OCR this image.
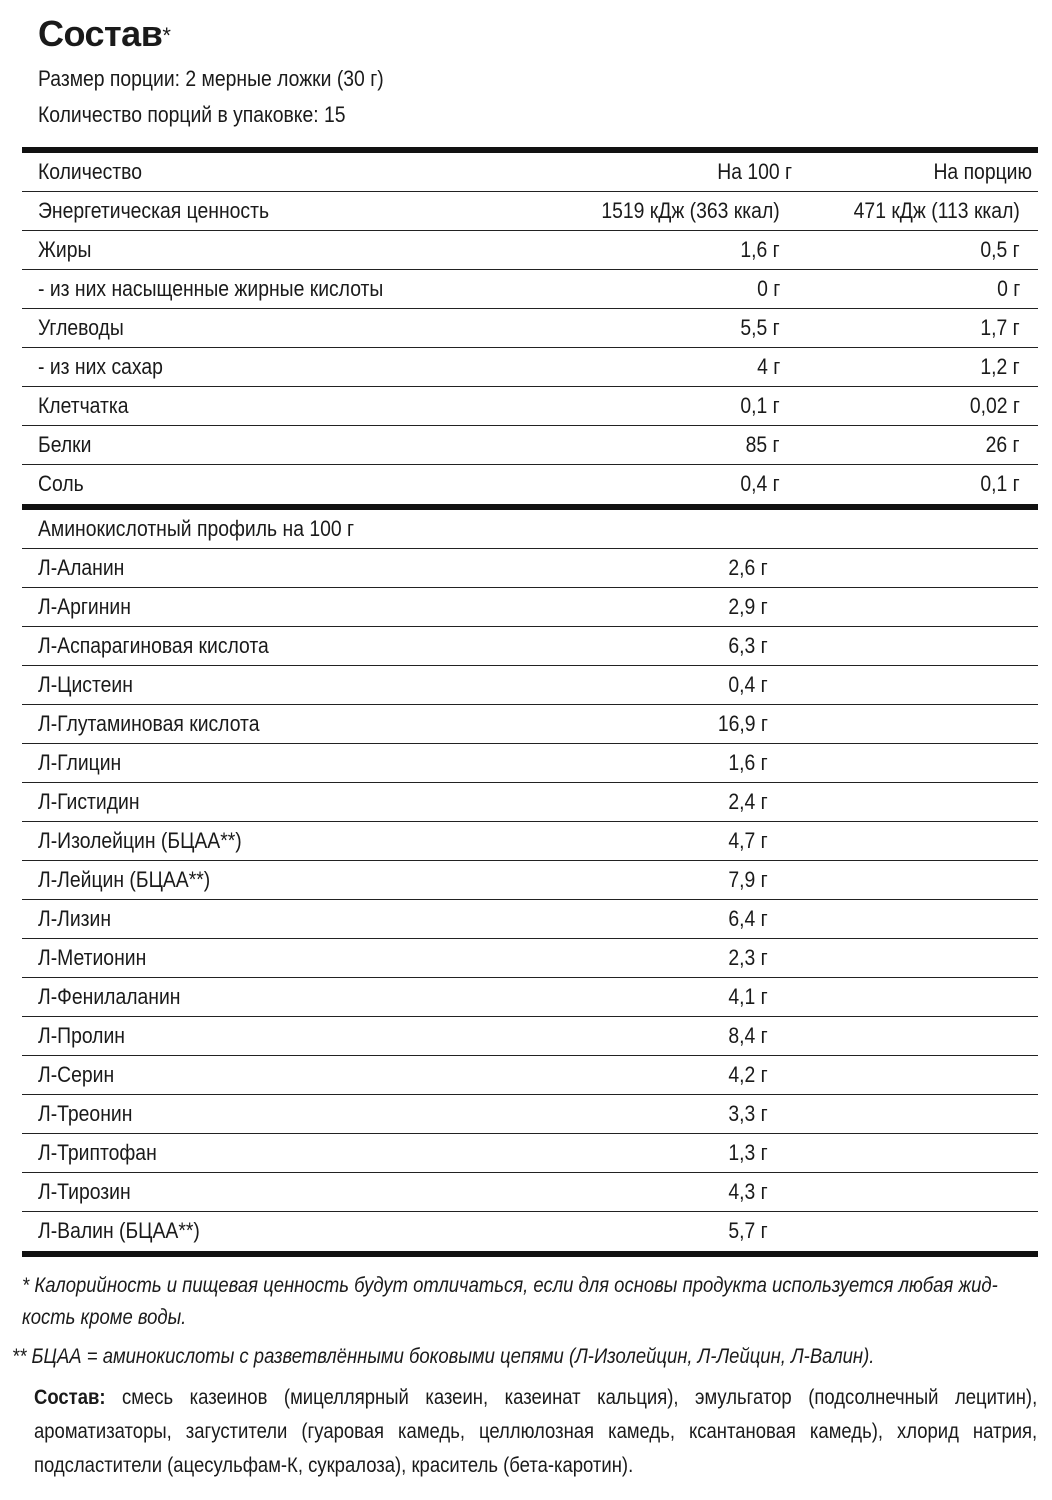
Состав*
Размер порции: 2 мерные ложки (30 г)
Количество порций в упаковке: 15
Количество	На 100 г	На порцию
Энергетическая ценность	1519 кДж (363 ккал)	471 кДж (113 ккал)
Жиры	1,6 г	0,5 г
- из них насыщенные жирные кислоты	0 г	0 г
Углеводы	5,5 г	1,7 г
- из них сахар	4 г	1,2 г
Клетчатка	0,1 г	0,02 г
Белки	85 г	26 г
Соль	0,4 г	0,1 г
Аминокислотный профиль на 100 г
Л-Аланин	2,6 г
Л-Аргинин	2,9 г
Л-Аспарагиновая кислота	6,3 г
Л-Цистеин	0,4 г
Л-Глутаминовая кислота	16,9 г
Л-Глицин	1,6 г
Л-Гистидин	2,4 г
Л-Изолейцин (БЦАА**)	4,7 г
Л-Лейцин (БЦАА**)	7,9 г
Л-Лизин	6,4 г
Л-Метионин	2,3 г
Л-Фенилаланин	4,1 г
Л-Пролин	8,4 г
Л-Серин	4,2 г
Л-Треонин	3,3 г
Л-Триптофан	1,3 г
Л-Тирозин	4,3 г
Л-Валин (БЦАА**)	5,7 г
* Калорийность и пищевая ценность будут отличаться, если для основы продукта используется любая жид-кость кроме воды.
** БЦАА = аминокислоты с разветвлёнными боковыми цепями (Л-Изолейцин, Л-Лейцин, Л-Валин).
Состав: смесь казеинов (мицеллярный казеин, казеинат кальция), эмульгатор (подсолнечный лецитин), ароматизаторы, загустители (гуаровая камедь, целлюлозная камедь, ксантановая камедь), хлорид натрия, подсластители (ацесульфам-К, сукралоза), краситель (бета-каротин).
